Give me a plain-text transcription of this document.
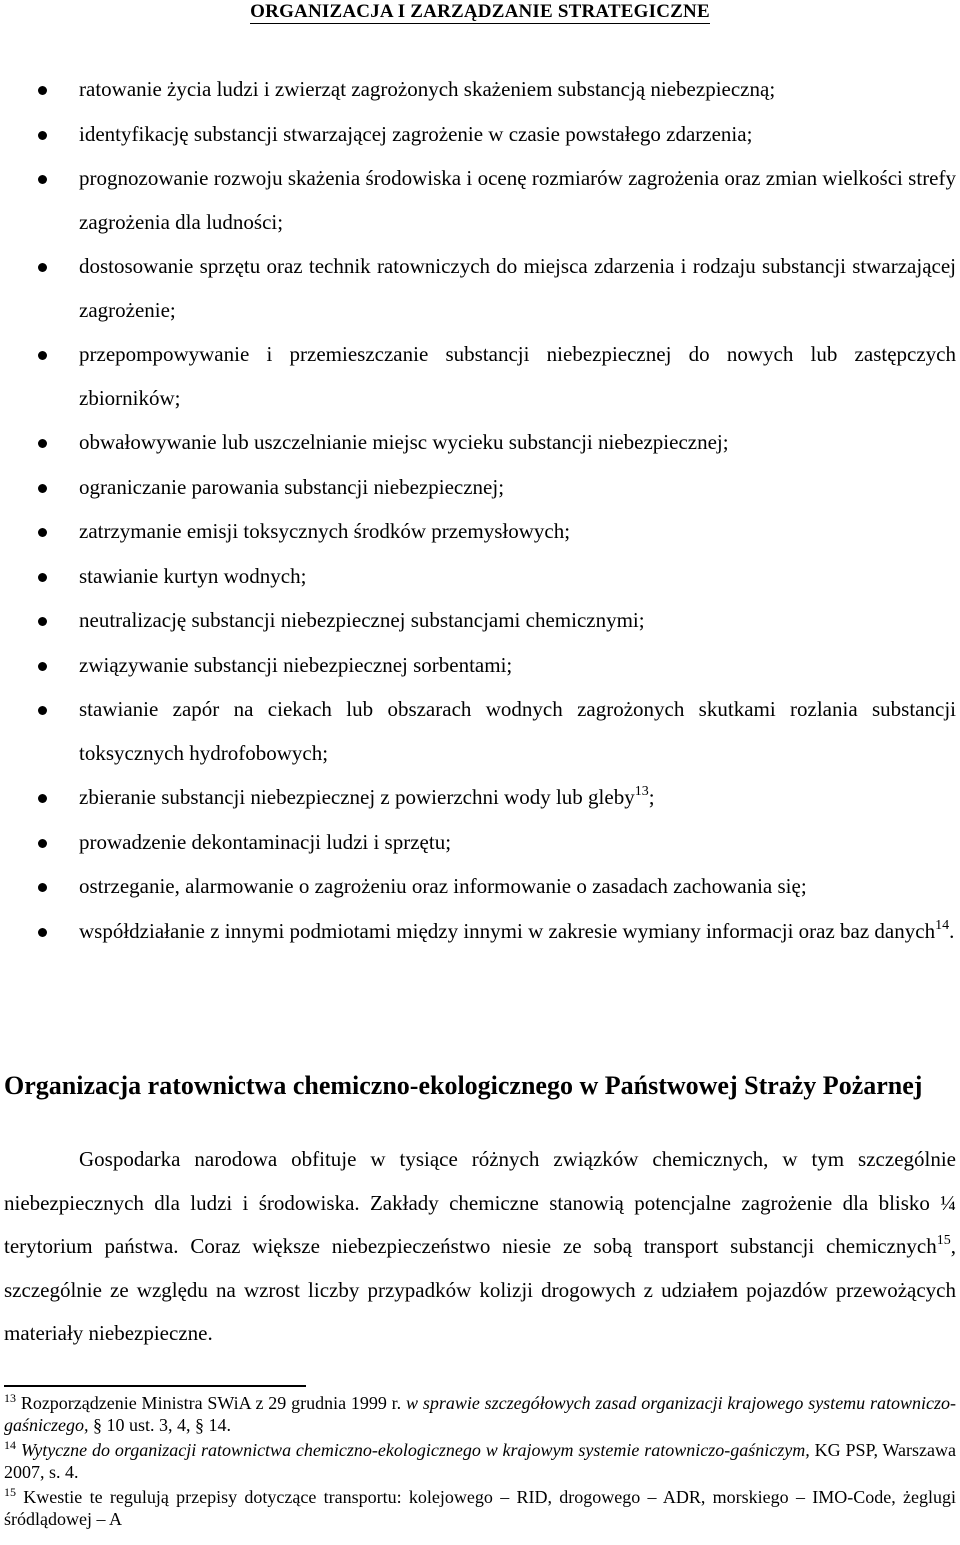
ORGANIZACJA I ZARZĄDZANIE STRATEGICZNE
ratowanie życia ludzi i zwierząt zagrożonych skażeniem substancją niebezpieczną;
identyfikację substancji stwarzającej zagrożenie w czasie powstałego zdarzenia;
prognozowanie rozwoju skażenia środowiska i ocenę rozmiarów zagrożenia oraz zmian wielkości strefy zagrożenia dla ludności;
dostosowanie sprzętu oraz technik ratowniczych do miejsca zdarzenia i rodzaju substancji stwarzającej zagrożenie;
przepompowywanie i przemieszczanie substancji niebezpiecznej do nowych lub zastępczych zbiorników;
obwałowywanie lub uszczelnianie miejsc wycieku substancji niebezpiecznej;
ograniczanie parowania substancji niebezpiecznej;
zatrzymanie emisji toksycznych środków przemysłowych;
stawianie kurtyn wodnych;
neutralizację substancji niebezpiecznej substancjami chemicznymi;
związywanie substancji niebezpiecznej sorbentami;
stawianie zapór na ciekach lub obszarach wodnych zagrożonych skutkami rozlania substancji toksycznych hydrofobowych;
zbieranie substancji niebezpiecznej z powierzchni wody lub gleby$^{13}$;
prowadzenie dekontaminacji ludzi i sprzętu;
ostrzeganie, alarmowanie o zagrożeniu oraz informowanie o zasadach zachowania się;
współdziałanie z innymi podmiotami między innymi w zakresie wymiany informacji oraz baz danych$^{14}$.
Organizacja ratownictwa chemiczno-ekologicznego w Państwowej Straży Pożarnej

Gospodarka narodowa obfituje w tysiące różnych związków chemicznych, w tym szczególnie niebezpiecznych dla ludzi i środowiska. Zakłady chemiczne stanowią potencjalne zagrożenie dla blisko ¼ terytorium państwa. Coraz większe niebezpieczeństwo niesie ze sobą transport substancji chemicznych$^{15}$, szczególnie ze względu na wzrost liczby przypadków kolizji drogowych z udziałem pojazdów przewożących materiały niebezpieczne.

$^{13}$ Rozporządzenie Ministra SWiA z 29 grudnia 1999 r. w sprawie szczegółowych zasad organizacji krajowego systemu ratowniczo-gaśniczego, § 10 ust. 3, 4, § 14.

$^{14}$ Wytyczne do organizacji ratownictwa chemiczno-ekologicznego w krajowym systemie ratowniczo-gaśniczym, KG PSP, Warszawa 2007, s. 4.

$^{15}$ Kwestie te regulują przepisy dotyczące transportu: kolejowego – RID, drogowego – ADR, morskiego – IMO-Code, żeglugi śródlądowej – A
